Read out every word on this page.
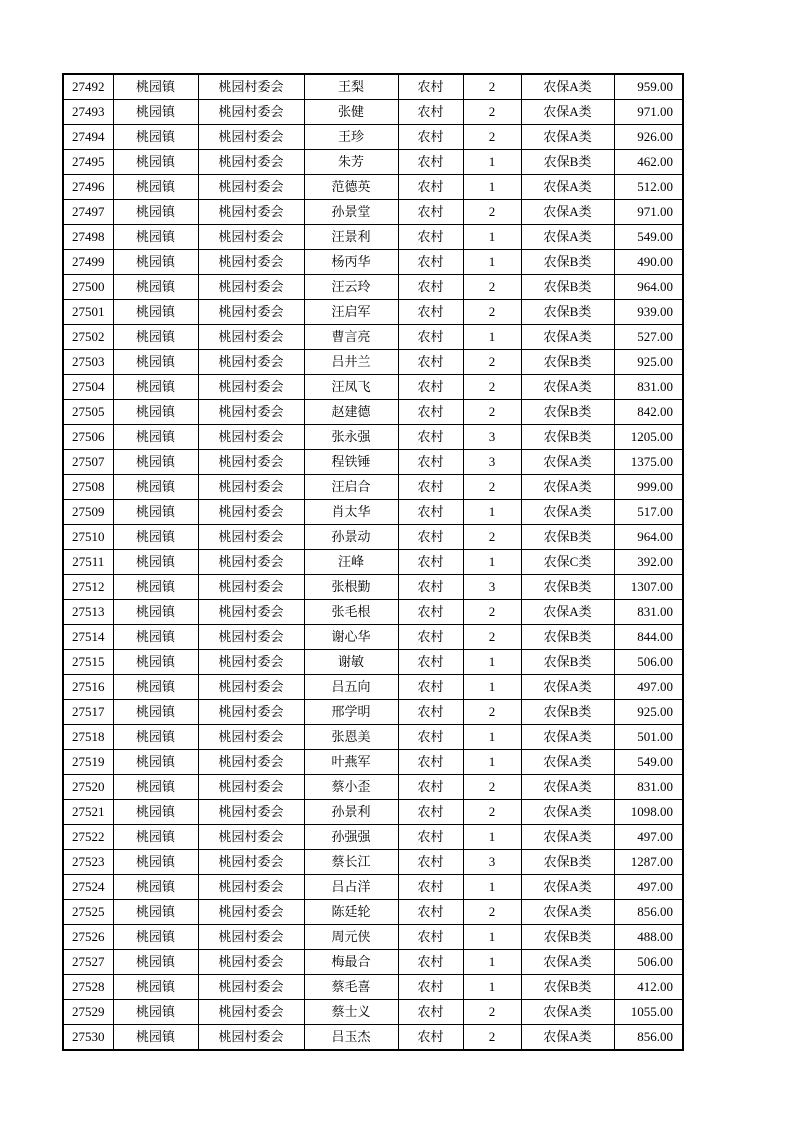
27492	桃园镇	桃园村委会	王梨	农村	2	农保A类	959.00
27493	桃园镇	桃园村委会	张健	农村	2	农保A类	971.00
27494	桃园镇	桃园村委会	王珍	农村	2	农保A类	926.00
27495	桃园镇	桃园村委会	朱芳	农村	1	农保B类	462.00
27496	桃园镇	桃园村委会	范德英	农村	1	农保A类	512.00
27497	桃园镇	桃园村委会	孙景堂	农村	2	农保A类	971.00
27498	桃园镇	桃园村委会	汪景利	农村	1	农保A类	549.00
27499	桃园镇	桃园村委会	杨丙华	农村	1	农保B类	490.00
27500	桃园镇	桃园村委会	汪云玲	农村	2	农保B类	964.00
27501	桃园镇	桃园村委会	汪启军	农村	2	农保B类	939.00
27502	桃园镇	桃园村委会	曹言亮	农村	1	农保A类	527.00
27503	桃园镇	桃园村委会	吕井兰	农村	2	农保B类	925.00
27504	桃园镇	桃园村委会	汪凤飞	农村	2	农保A类	831.00
27505	桃园镇	桃园村委会	赵建德	农村	2	农保B类	842.00
27506	桃园镇	桃园村委会	张永强	农村	3	农保B类	1205.00
27507	桃园镇	桃园村委会	程铁锤	农村	3	农保A类	1375.00
27508	桃园镇	桃园村委会	汪启合	农村	2	农保A类	999.00
27509	桃园镇	桃园村委会	肖太华	农村	1	农保A类	517.00
27510	桃园镇	桃园村委会	孙景动	农村	2	农保B类	964.00
27511	桃园镇	桃园村委会	汪峰	农村	1	农保C类	392.00
27512	桃园镇	桃园村委会	张根勤	农村	3	农保B类	1307.00
27513	桃园镇	桃园村委会	张毛根	农村	2	农保A类	831.00
27514	桃园镇	桃园村委会	谢心华	农村	2	农保B类	844.00
27515	桃园镇	桃园村委会	谢敏	农村	1	农保B类	506.00
27516	桃园镇	桃园村委会	吕五向	农村	1	农保A类	497.00
27517	桃园镇	桃园村委会	邢学明	农村	2	农保B类	925.00
27518	桃园镇	桃园村委会	张恩美	农村	1	农保A类	501.00
27519	桃园镇	桃园村委会	叶燕军	农村	1	农保A类	549.00
27520	桃园镇	桃园村委会	蔡小歪	农村	2	农保A类	831.00
27521	桃园镇	桃园村委会	孙景利	农村	2	农保A类	1098.00
27522	桃园镇	桃园村委会	孙强强	农村	1	农保A类	497.00
27523	桃园镇	桃园村委会	蔡长江	农村	3	农保B类	1287.00
27524	桃园镇	桃园村委会	吕占洋	农村	1	农保A类	497.00
27525	桃园镇	桃园村委会	陈廷轮	农村	2	农保A类	856.00
27526	桃园镇	桃园村委会	周元侠	农村	1	农保B类	488.00
27527	桃园镇	桃园村委会	梅最合	农村	1	农保A类	506.00
27528	桃园镇	桃园村委会	蔡毛喜	农村	1	农保B类	412.00
27529	桃园镇	桃园村委会	蔡士义	农村	2	农保A类	1055.00
27530	桃园镇	桃园村委会	吕玉杰	农村	2	农保A类	856.00
